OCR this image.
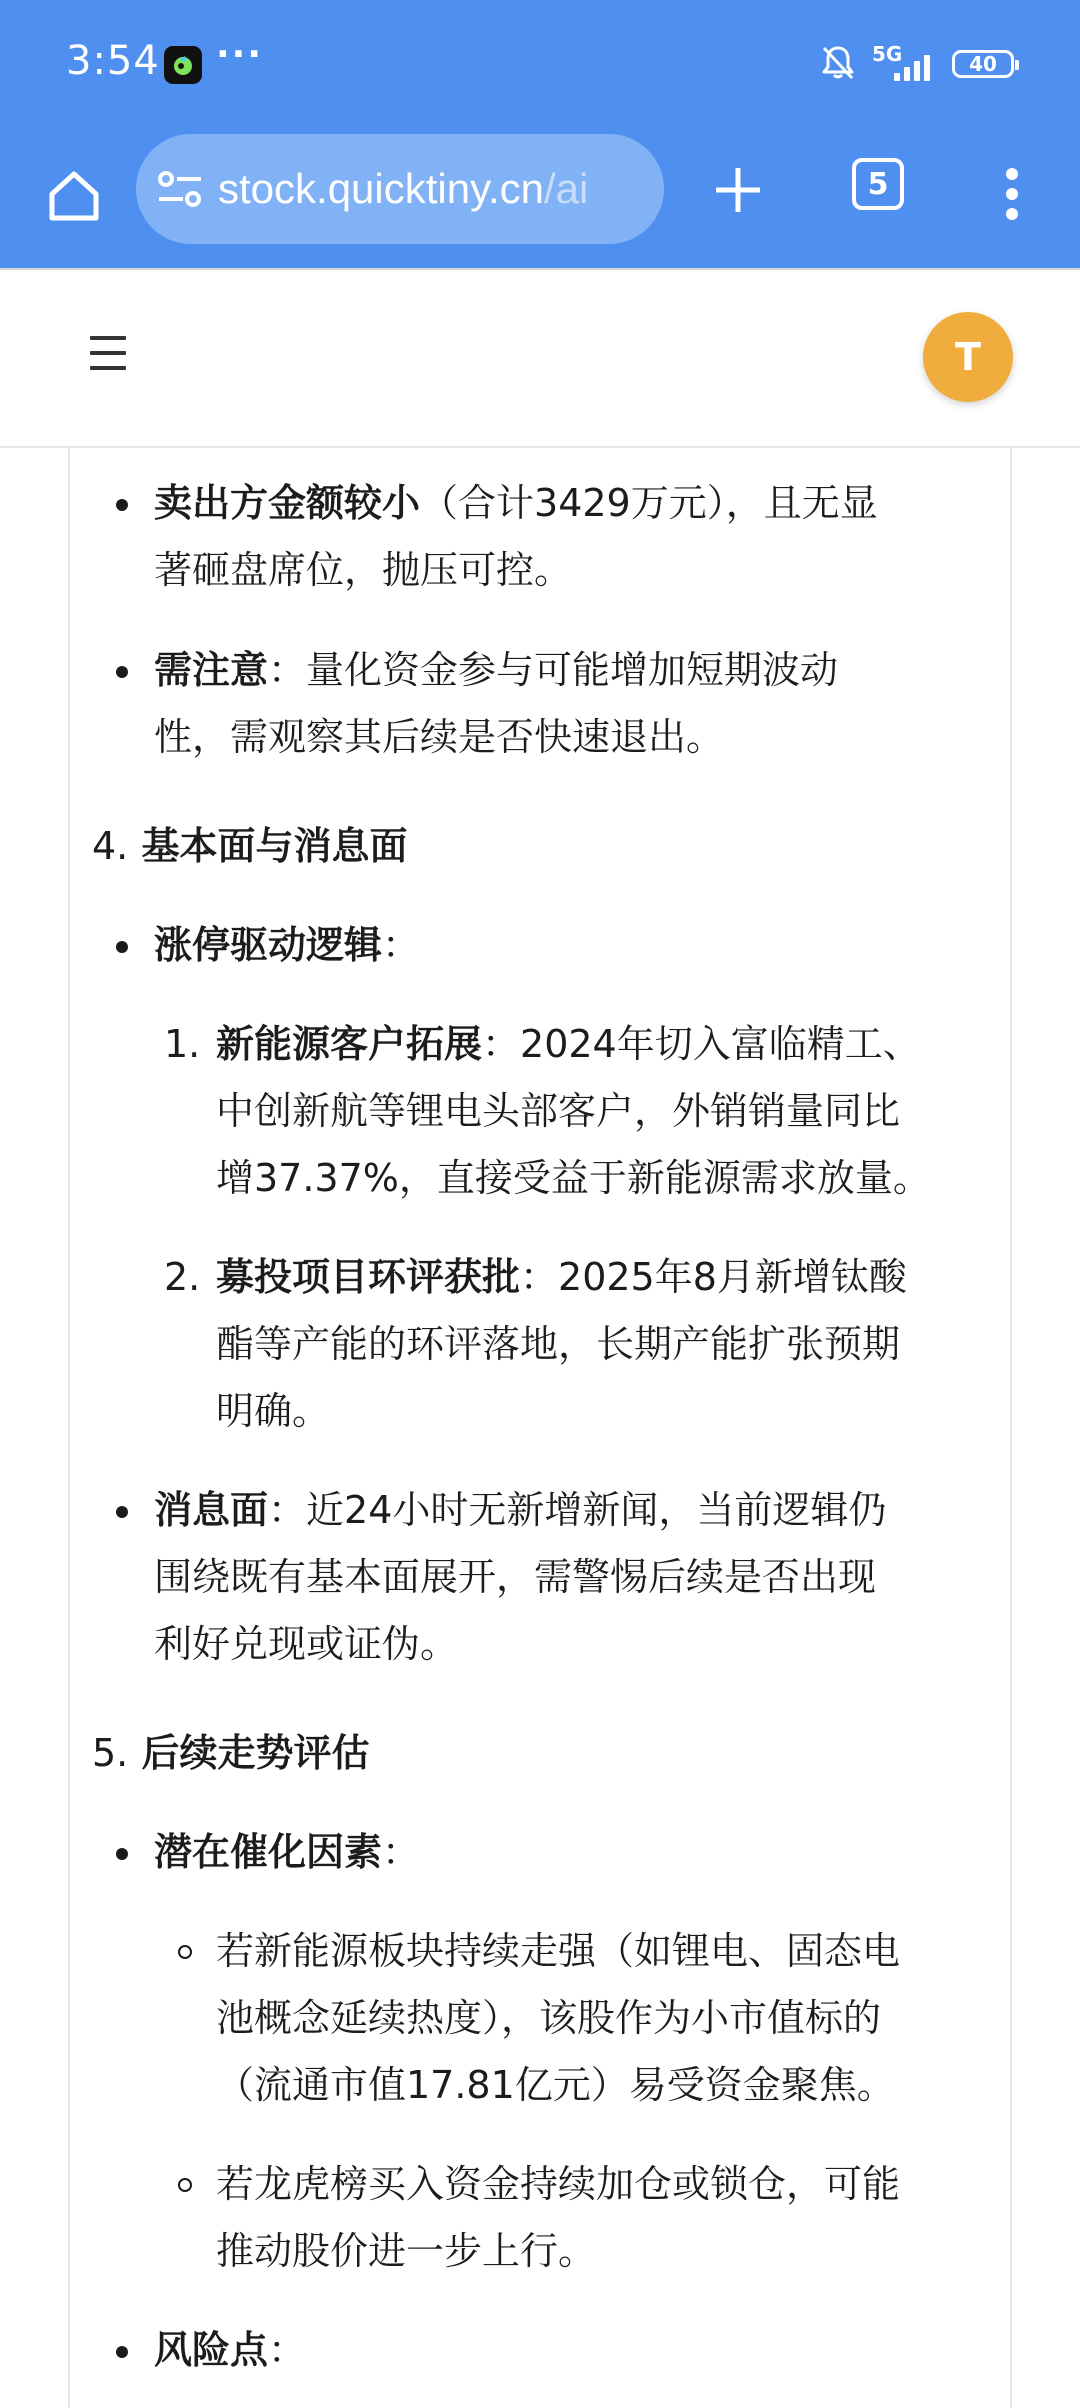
3:54 ···	5G	40
stock.quicktiny.cn/ai	5
T

卖出方金额较小（合计3429万元），且无显
著砸盘席位，抛压可控。

需注意：量化资金参与可能增加短期波动
性，需观察其后续是否快速退出。

4. 基本面与消息面

涨停驱动逻辑：

1. 新能源客户拓展：2024年切入富临精工、
中创新航等锂电头部客户，外销销量同比
增37.37%，直接受益于新能源需求放量。

2. 募投项目环评获批：2025年8月新增钛酸
酯等产能的环评落地，长期产能扩张预期
明确。

消息面：近24小时无新增新闻，当前逻辑仍
围绕既有基本面展开，需警惕后续是否出现
利好兑现或证伪。

5. 后续走势评估

潜在催化因素：

若新能源板块持续走强（如锂电、固态电
池概念延续热度），该股作为小市值标的
（流通市值17.81亿元）易受资金聚焦。

若龙虎榜买入资金持续加仓或锁仓，可能
推动股价进一步上行。

风险点：
